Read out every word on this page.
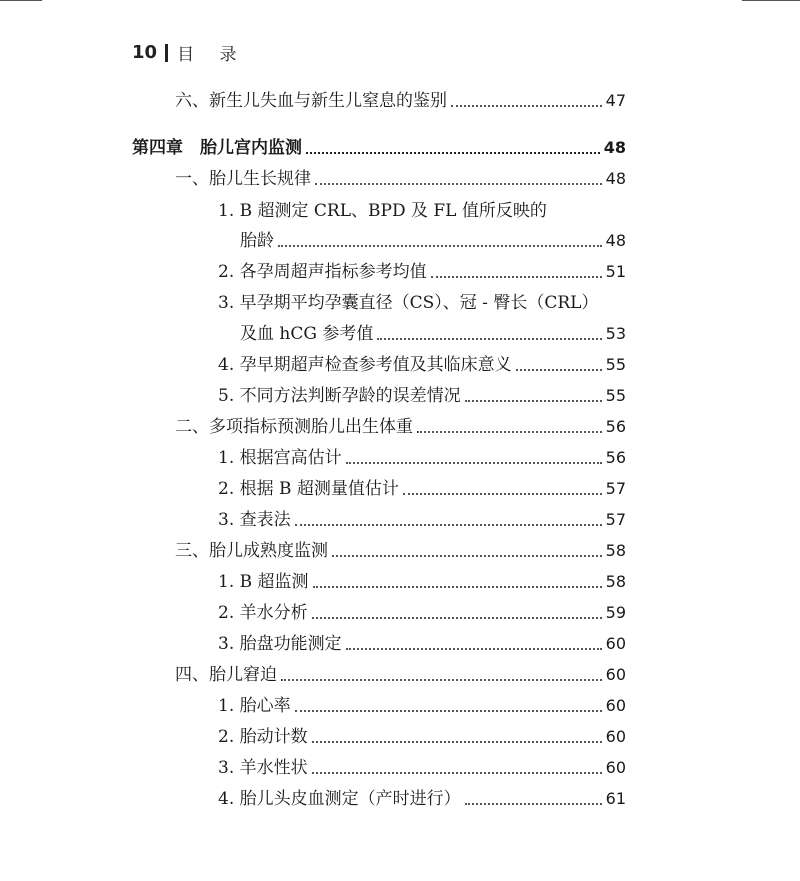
10 目 录
六、新生儿失血与新生儿窒息的鉴别	47
第四章　胎儿宫内监测	48
一、胎儿生长规律	48
1. B 超测定 CRL、BPD 及 FL 值所反映的
胎龄	48
2. 各孕周超声指标参考均值	51
3. 早孕期平均孕囊直径（CS）、冠 - 臀长（CRL）
及血 hCG 参考值	53
4. 孕早期超声检查参考值及其临床意义	55
5. 不同方法判断孕龄的误差情况	55
二、多项指标预测胎儿出生体重	56
1. 根据宫高估计	56
2. 根据 B 超测量值估计	57
3. 查表法	57
三、胎儿成熟度监测	58
1. B 超监测	58
2. 羊水分析	59
3. 胎盘功能测定	60
四、胎儿窘迫	60
1. 胎心率	60
2. 胎动计数	60
3. 羊水性状	60
4. 胎儿头皮血测定（产时进行）	61
